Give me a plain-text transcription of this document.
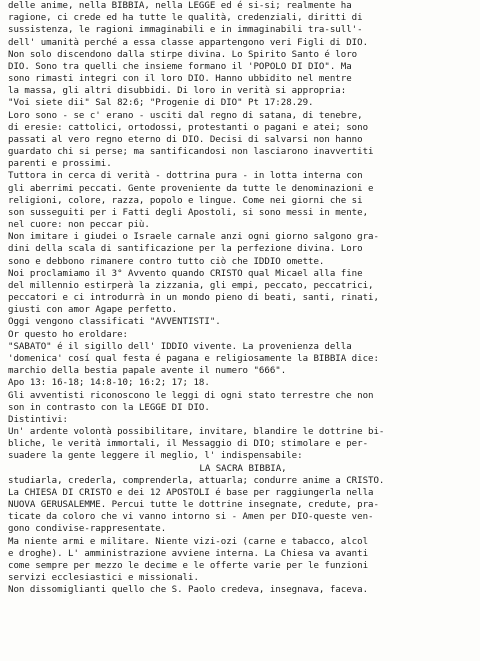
delle anime, nella BIBBIA, nella LEGGE ed é si-si; realmente ha
ragione, ci crede ed ha tutte le qualità, credenziali, diritti di
sussistenza, le ragioni immaginabili e in immaginabili tra-sull'-
dell' umanità perché a essa classe appartengono veri Figli di DIO.
Non solo discendono dalla stirpe divina. Lo Spirito Santo é loro
DIO. Sono tra quelli che insieme formano il 'POPOLO DI DIO". Ma
sono rimasti integri con il loro DIO. Hanno ubbidito nel mentre
la massa, gli altri disubbidi. Di loro in verità si appropria:
"Voi siete dii" Sal 82:6; "Progenie di DIO" Pt 17:28.29.
Loro sono - se c' erano - usciti dal regno di satana, di tenebre,
di eresie: cattolici, ortodossi, protestanti o pagani e atei; sono
passati al vero regno eterno di DIO. Decisi di salvarsi non hanno
guardato chi si perse; ma santificandosi non lasciarono inavvertiti
parenti e prossimi.
Tuttora in cerca di verità - dottrina pura - in lotta interna con
gli aberrimi peccati. Gente proveniente da tutte le denominazioni e
religioni, colore, razza, popolo e lingue. Come nei giorni che si
son susseguiti per i Fatti degli Apostoli, si sono messi in mente,
nel cuore: non peccar più.
Non imitare i giudei o Israele carnale anzi ogni giorno salgono gra-
dini della scala di santificazione per la perfezione divina. Loro
sono e debbono rimanere contro tutto ciò che IDDIO omette.
Noi proclamiamo il 3° Avvento quando CRISTO qual Micael alla fine
del millennio estirperà la zizzania, gli empi, peccato, peccatrici,
peccatori e ci introdurrà in un mondo pieno di beati, santi, rinati,
giusti con amor Agape perfetto.
Oggi vengono classificati "AVVENTISTI".
Or questo ho eroldare:
"SABATO" é il sigillo dell' IDDIO vivente. La provenienza della
'domenica' cosí qual festa é pagana e religiosamente la BIBBIA dice:
marchio della bestia papale avente il numero "666".
Apo 13: 16-18; 14:8-10; 16:2; 17; 18.
Gli avventisti riconoscono le leggi di ogni stato terrestre che non
son in contrasto con la LEGGE DI DIO.
Distintivi:
Un' ardente volontà possibilitare, invitare, blandire le dottrine bi-
bliche, le verità immortali, il Messaggio di DIO; stimolare e per-
suadere la gente leggere il meglio, l' indispensabile:
LA SACRA BIBBIA,
studiarla, crederla, comprenderla, attuarla; condurre anime a CRISTO.
La CHIESA DI CRISTO e dei 12 APOSTOLI é base per raggiungerla nella
NUOVA GERUSALEMME. Percui tutte le dottrine insegnate, credute, pra-
ticate da coloro che vi vanno intorno si - Amen per DIO-queste ven-
gono condivise-rappresentate.
Ma niente armi e militare. Niente vizi-ozi (carne e tabacco, alcol
e droghe). L' amministrazione avviene interna. La Chiesa va avanti
come sempre per mezzo le decime e le offerte varie per le funzioni
servizi ecclesiastici e missionali.
Non dissomiglianti quello che S. Paolo credeva, insegnava, faceva.
